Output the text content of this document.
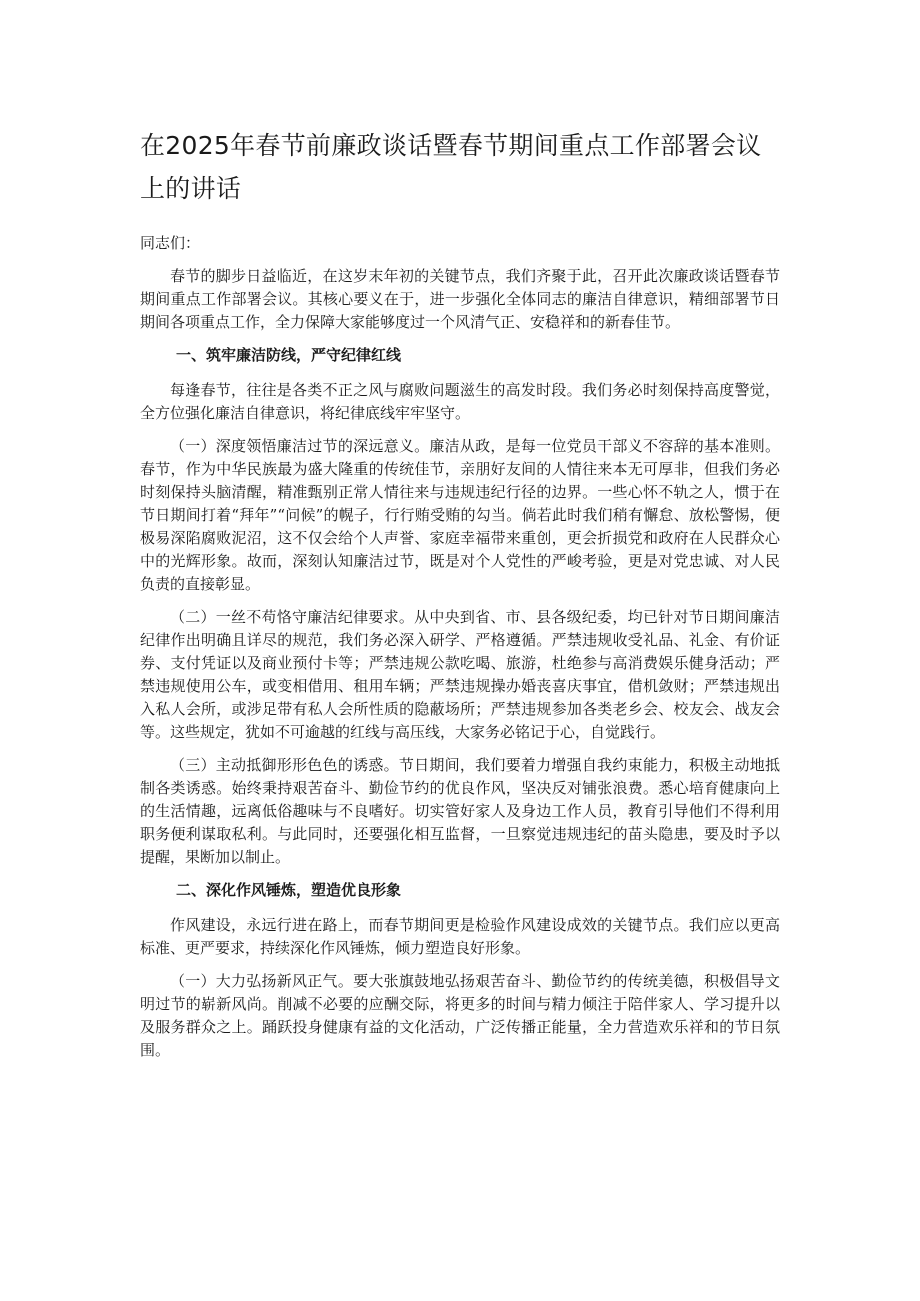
在2025年春节前廉政谈话暨春节期间重点工作部署会议上的讲话

同志们：

春节的脚步日益临近，在这岁末年初的关键节点，我们齐聚于此，召开此次廉政谈话暨春节期间重点工作部署会议。其核心要义在于，进一步强化全体同志的廉洁自律意识，精细部署节日期间各项重点工作，全力保障大家能够度过一个风清气正、安稳祥和的新春佳节。

一、筑牢廉洁防线，严守纪律红线

每逢春节，往往是各类不正之风与腐败问题滋生的高发时段。我们务必时刻保持高度警觉，全方位强化廉洁自律意识，将纪律底线牢牢坚守。

（一）深度领悟廉洁过节的深远意义。廉洁从政，是每一位党员干部义不容辞的基本准则。春节，作为中华民族最为盛大隆重的传统佳节，亲朋好友间的人情往来本无可厚非，但我们务必时刻保持头脑清醒，精准甄别正常人情往来与违规违纪行径的边界。一些心怀不轨之人，惯于在节日期间打着“拜年”“问候”的幌子，行行贿受贿的勾当。倘若此时我们稍有懈怠、放松警惕，便极易深陷腐败泥沼，这不仅会给个人声誉、家庭幸福带来重创，更会折损党和政府在人民群众心中的光辉形象。故而，深刻认知廉洁过节，既是对个人党性的严峻考验，更是对党忠诚、对人民负责的直接彰显。

（二）一丝不苟恪守廉洁纪律要求。从中央到省、市、县各级纪委，均已针对节日期间廉洁纪律作出明确且详尽的规范，我们务必深入研学、严格遵循。严禁违规收受礼品、礼金、有价证券、支付凭证以及商业预付卡等；严禁违规公款吃喝、旅游，杜绝参与高消费娱乐健身活动；严禁违规使用公车，或变相借用、租用车辆；严禁违规操办婚丧喜庆事宜，借机敛财；严禁违规出入私人会所，或涉足带有私人会所性质的隐蔽场所；严禁违规参加各类老乡会、校友会、战友会等。这些规定，犹如不可逾越的红线与高压线，大家务必铭记于心，自觉践行。

（三）主动抵御形形色色的诱惑。节日期间，我们要着力增强自我约束能力，积极主动地抵制各类诱惑。始终秉持艰苦奋斗、勤俭节约的优良作风，坚决反对铺张浪费。悉心培育健康向上的生活情趣，远离低俗趣味与不良嗜好。切实管好家人及身边工作人员，教育引导他们不得利用职务便利谋取私利。与此同时，还要强化相互监督，一旦察觉违规违纪的苗头隐患，要及时予以提醒，果断加以制止。

二、深化作风锤炼，塑造优良形象

作风建设，永远行进在路上，而春节期间更是检验作风建设成效的关键节点。我们应以更高标准、更严要求，持续深化作风锤炼，倾力塑造良好形象。

（一）大力弘扬新风正气。要大张旗鼓地弘扬艰苦奋斗、勤俭节约的传统美德，积极倡导文明过节的崭新风尚。削减不必要的应酬交际，将更多的时间与精力倾注于陪伴家人、学习提升以及服务群众之上。踊跃投身健康有益的文化活动，广泛传播正能量，全力营造欢乐祥和的节日氛围。
